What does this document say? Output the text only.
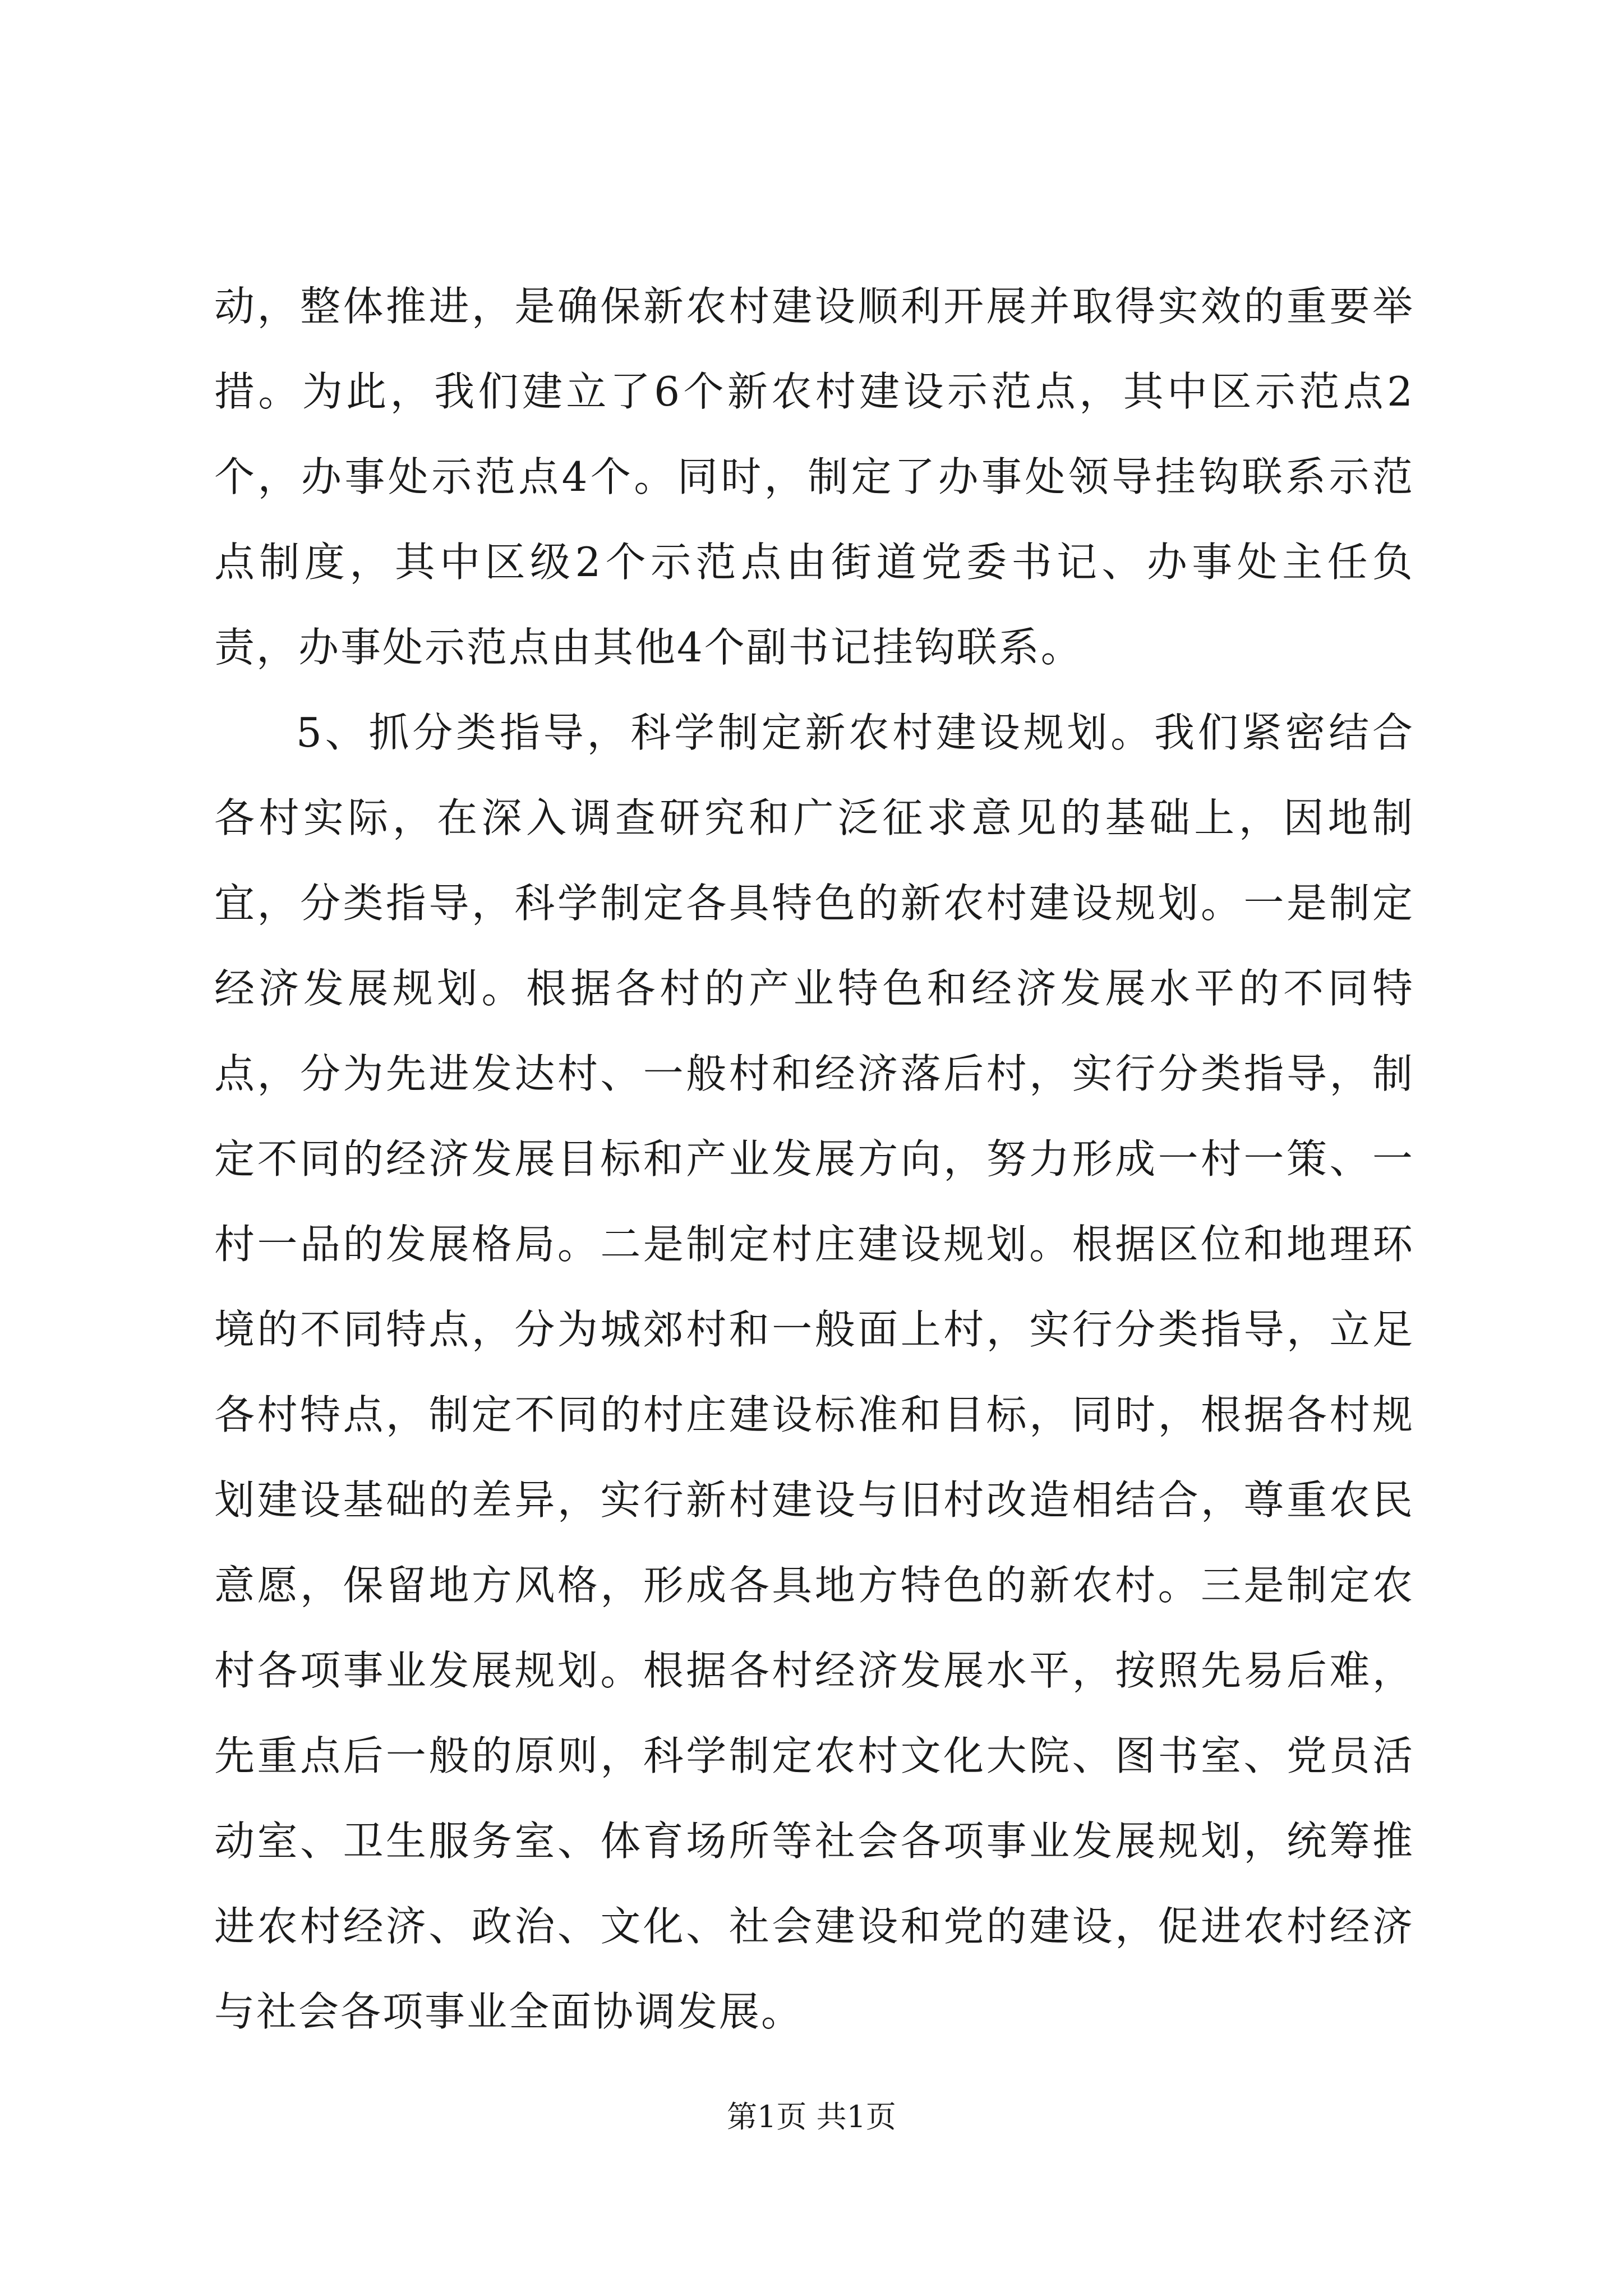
动，整体推进，是确保新农村建设顺利开展并取得实效的重要举措。为此，我们建立了6个新农村建设示范点，其中区示范点2个，办事处示范点4个。同时，制定了办事处领导挂钩联系示范点制度，其中区级2个示范点由街道党委书记、办事处主任负责，办事处示范点由其他4个副书记挂钩联系。

5、抓分类指导，科学制定新农村建设规划。我们紧密结合各村实际，在深入调查研究和广泛征求意见的基础上，因地制宜，分类指导，科学制定各具特色的新农村建设规划。一是制定经济发展规划。根据各村的产业特色和经济发展水平的不同特点，分为先进发达村、一般村和经济落后村，实行分类指导，制定不同的经济发展目标和产业发展方向，努力形成一村一策、一村一品的发展格局。二是制定村庄建设规划。根据区位和地理环境的不同特点，分为城郊村和一般面上村，实行分类指导，立足各村特点，制定不同的村庄建设标准和目标，同时，根据各村规划建设基础的差异，实行新村建设与旧村改造相结合，尊重农民意愿，保留地方风格，形成各具地方特色的新农村。三是制定农村各项事业发展规划。根据各村经济发展水平，按照先易后难，先重点后一般的原则，科学制定农村文化大院、图书室、党员活动室、卫生服务室、体育场所等社会各项事业发展规划，统筹推进农村经济、政治、文化、社会建设和党的建设，促进农村经济与社会各项事业全面协调发展。

第1页 共1页
